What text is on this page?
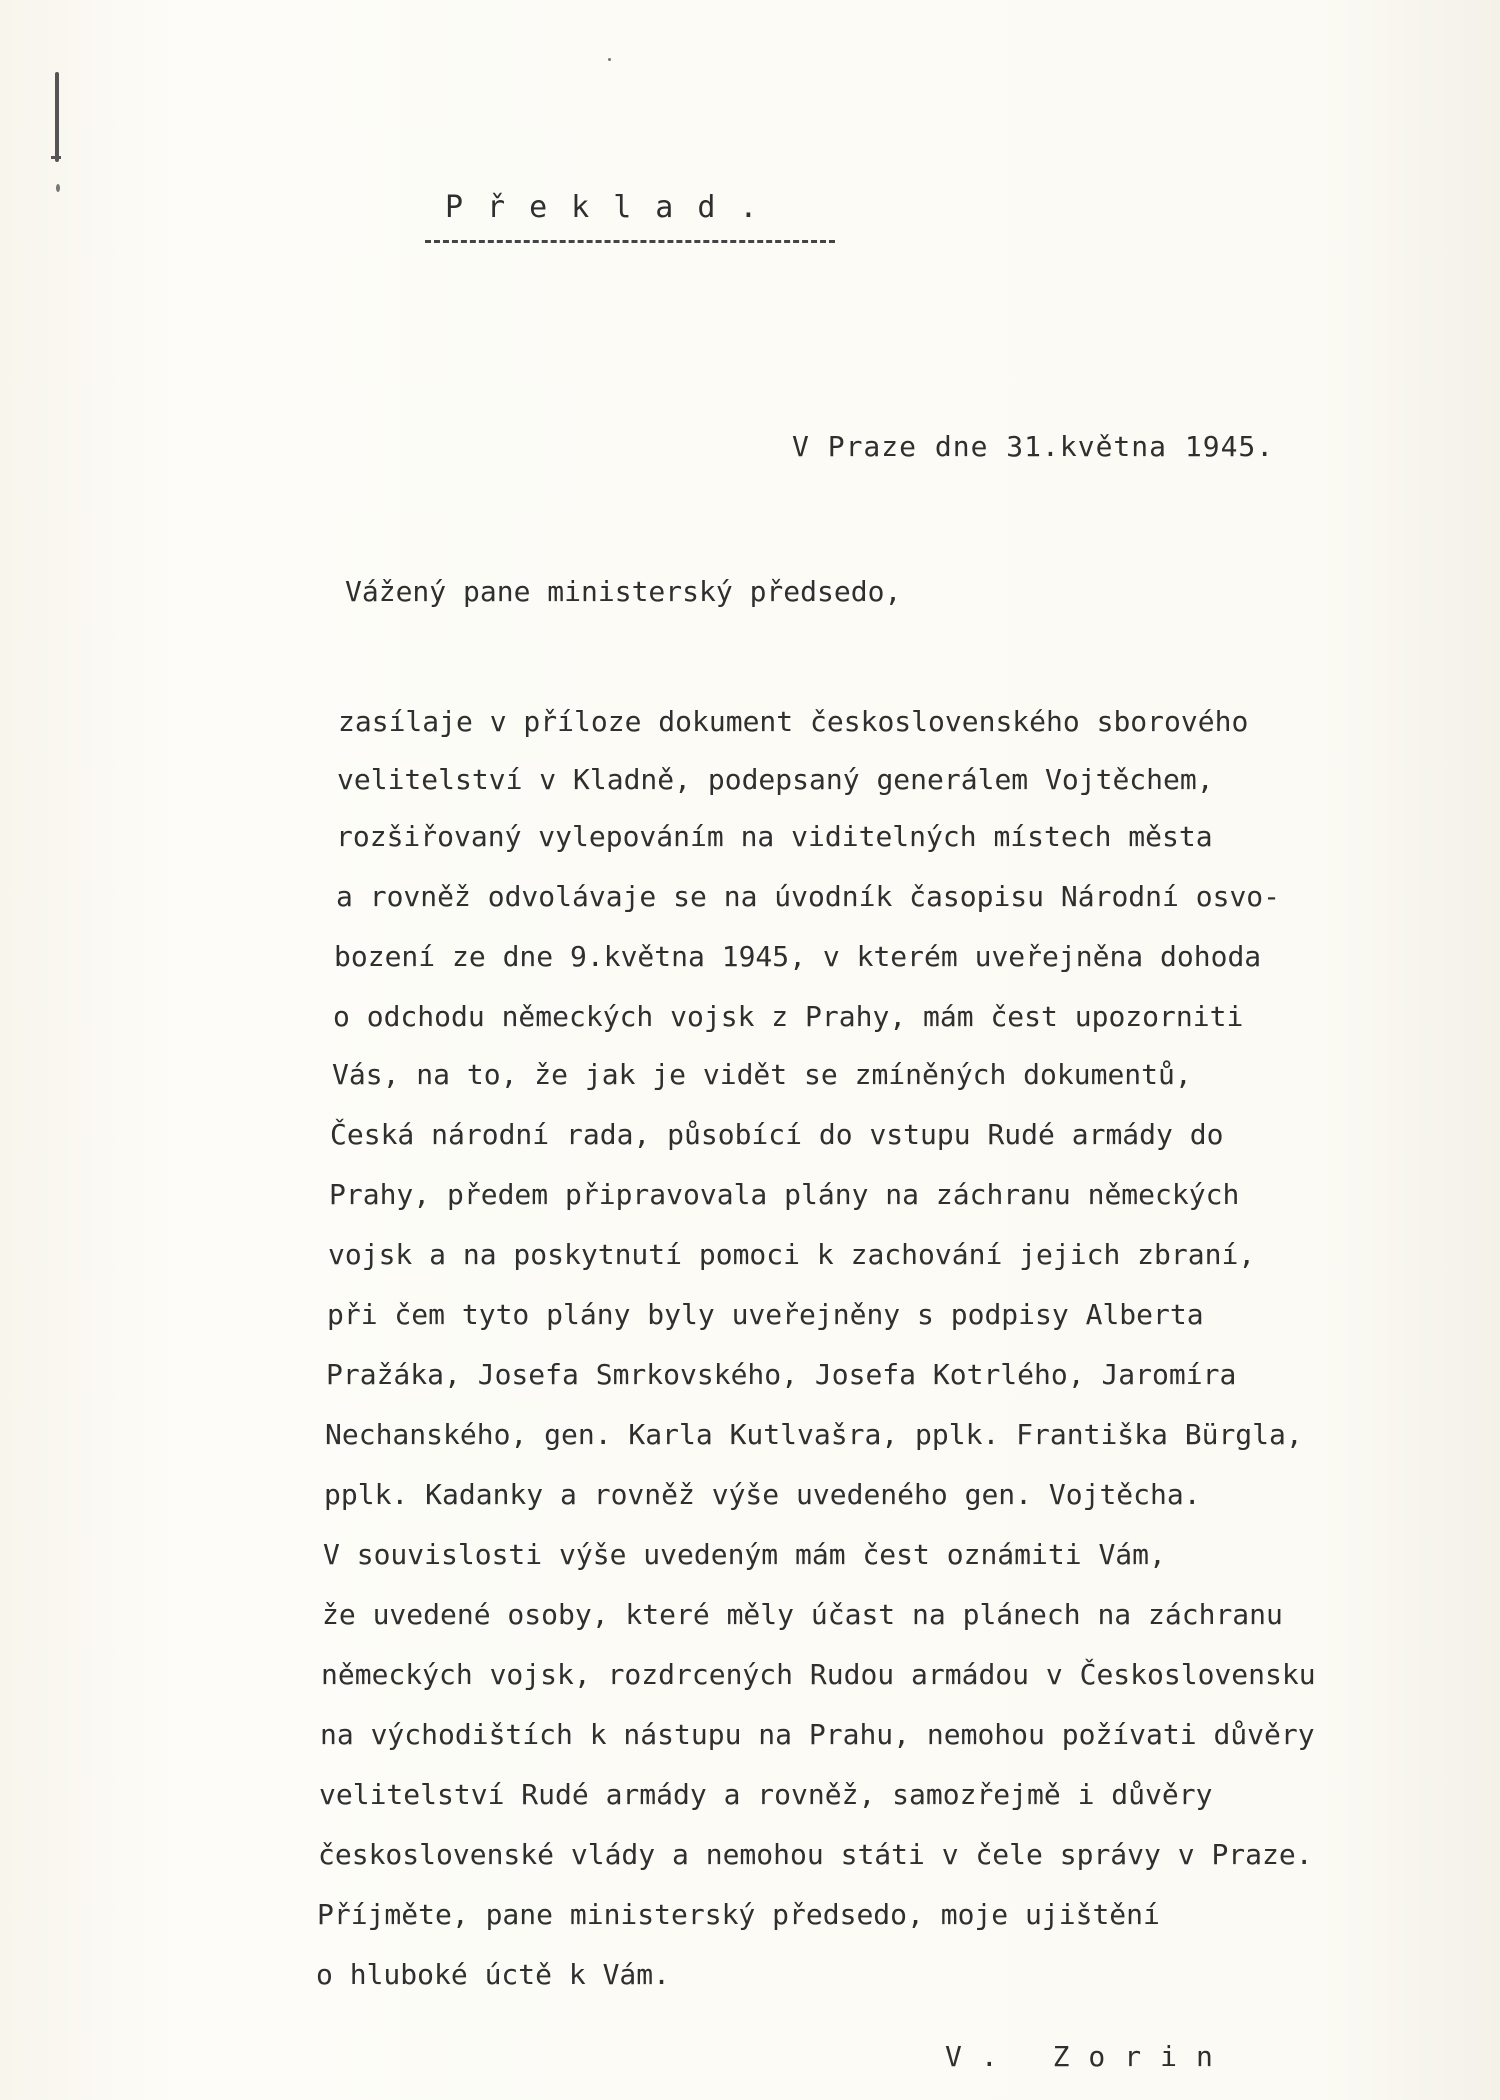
Překlad.
V Praze dne 31.května 1945.
Vážený pane ministerský předsedo,
zasílaje v příloze dokument československého sborového
velitelství v Kladně, podepsaný generálem Vojtěchem,
rozšiřovaný vylepováním na viditelných místech města
a rovněž odvolávaje se na úvodník časopisu Národní osvo-
bození ze dne 9.května 1945, v kterém uveřejněna dohoda
o odchodu německých vojsk z Prahy, mám čest upozorniti
Vás, na to, že jak je vidět se zmíněných dokumentů,
Česká národní rada, působící do vstupu Rudé armády do
Prahy, předem připravovala plány na záchranu německých
vojsk a na poskytnutí pomoci k zachování jejich zbraní,
při čem tyto plány byly uveřejněny s podpisy Alberta
Pražáka, Josefa Smrkovského, Josefa Kotrlého, Jaromíra
Nechanského, gen. Karla Kutlvašra, pplk. Františka Bürgla,
pplk. Kadanky a rovněž výše uvedeného gen. Vojtěcha.
V souvislosti výše uvedeným mám čest oznámiti Vám,
že uvedené osoby, které měly účast na plánech na záchranu
německých vojsk, rozdrcených Rudou armádou v Československu
na východištích k nástupu na Prahu, nemohou požívati důvěry
velitelství Rudé armády a rovněž, samozřejmě i důvěry
československé vlády a nemohou státi v čele správy v Praze.
Příjměte, pane ministerský předsedo, moje ujištění
o hluboké úctě k Vám.
V. Zorin
